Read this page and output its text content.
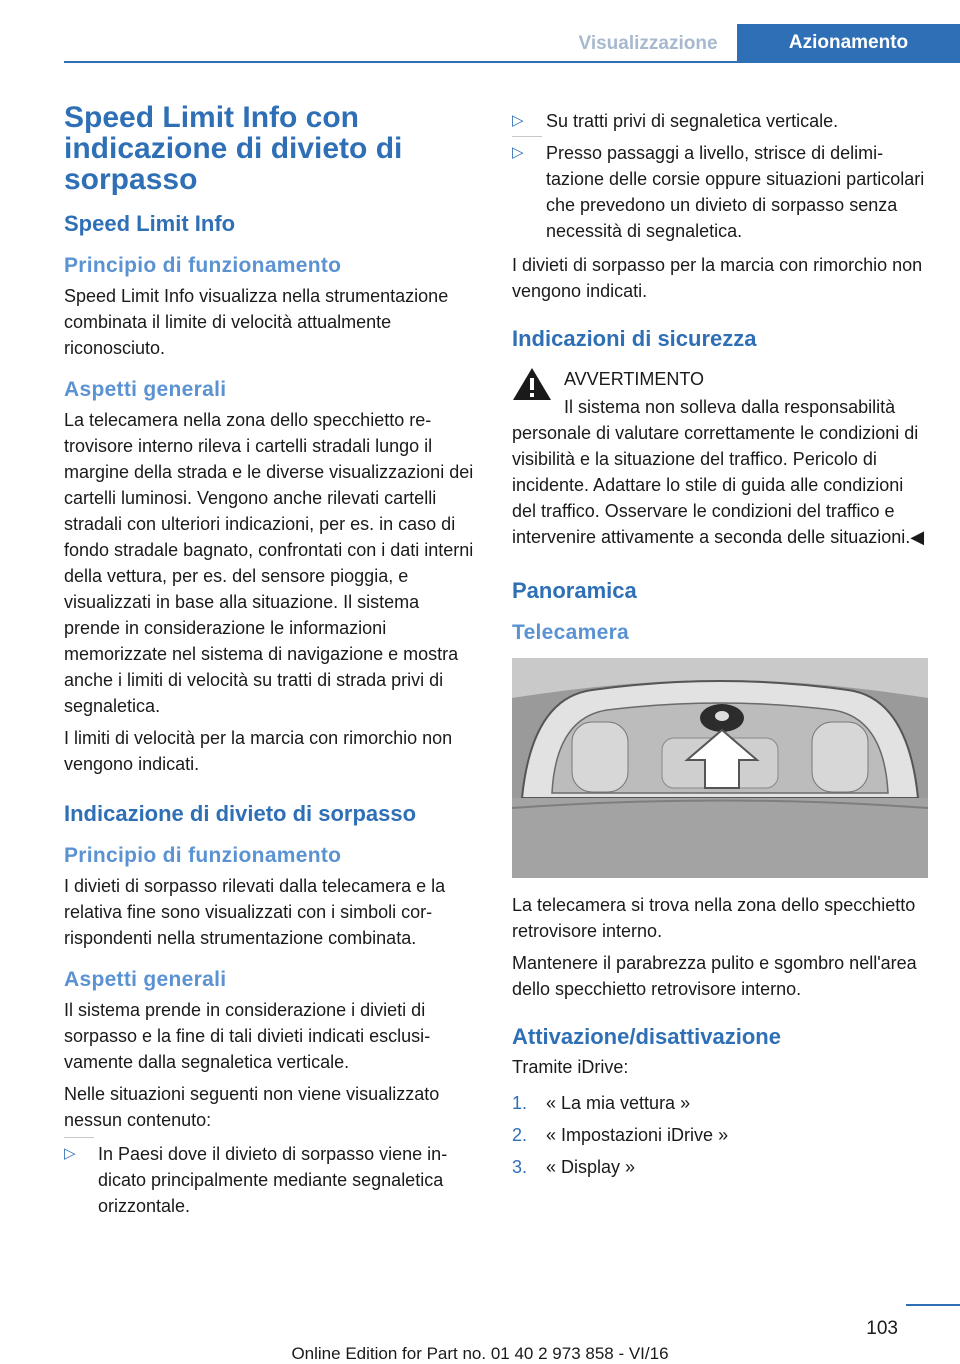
Visualizzazione	Azionamento
Speed Limit Info con indicazione di divieto di sorpasso
Speed Limit Info
Principio di funzionamento

Speed Limit Info visualizza nella strumentazione combinata il limite di velocità attualmente riconosciuto.

Aspetti generali

La telecamera nella zona dello specchietto retrovisore interno rileva i cartelli stradali lungo il margine della strada e le diverse visualizzazioni dei cartelli luminosi. Vengono anche rilevati cartelli stradali con ulteriori indicazioni, per es. in caso di fondo stradale bagnato, confrontati con i dati interni della vettura, per es. del sensore pioggia, e visualizzati in base alla situazione. Il sistema prende in considerazione le informazioni memorizzate nel sistema di navigazione e mostra anche i limiti di velocità su tratti di strada privi di segnaletica.

I limiti di velocità per la marcia con rimorchio non vengono indicati.

Indicazione di divieto di sorpasso
Principio di funzionamento

I divieti di sorpasso rilevati dalla telecamera e la relativa fine sono visualizzati con i simboli corrispondenti nella strumentazione combinata.

Aspetti generali

Il sistema prende in considerazione i divieti di sorpasso e la fine di tali divieti indicati esclusivamente dalla segnaletica verticale.

Nelle situazioni seguenti non viene visualizzato nessun contenuto:

▷ In Paesi dove il divieto di sorpasso viene indicato principalmente mediante segnaletica orizzontale.
▷ Su tratti privi di segnaletica verticale.
▷ Presso passaggi a livello, strisce di delimitazione delle corsie oppure situazioni particolari che prevedono un divieto di sorpasso senza necessità di segnaletica.

I divieti di sorpasso per la marcia con rimorchio non vengono indicati.

Indicazioni di sicurezza

AVVERTIMENTO

Il sistema non solleva dalla responsabilità personale di valutare correttamente le condizioni di visibilità e la situazione del traffico. Pericolo di incidente. Adattare lo stile di guida alle condizioni del traffico. Osservare le condizioni del traffico e intervenire attivamente a seconda delle situazioni.◀

Panoramica
Telecamera

La telecamera si trova nella zona dello specchietto retrovisore interno.

Mantenere il parabrezza pulito e sgombro nell'area dello specchietto retrovisore interno.

Attivazione/disattivazione

Tramite iDrive:

1. « La mia vettura »
2. « Impostazioni iDrive »
3. « Display »
103
Online Edition for Part no. 01 40 2 973 858 - VI/16
